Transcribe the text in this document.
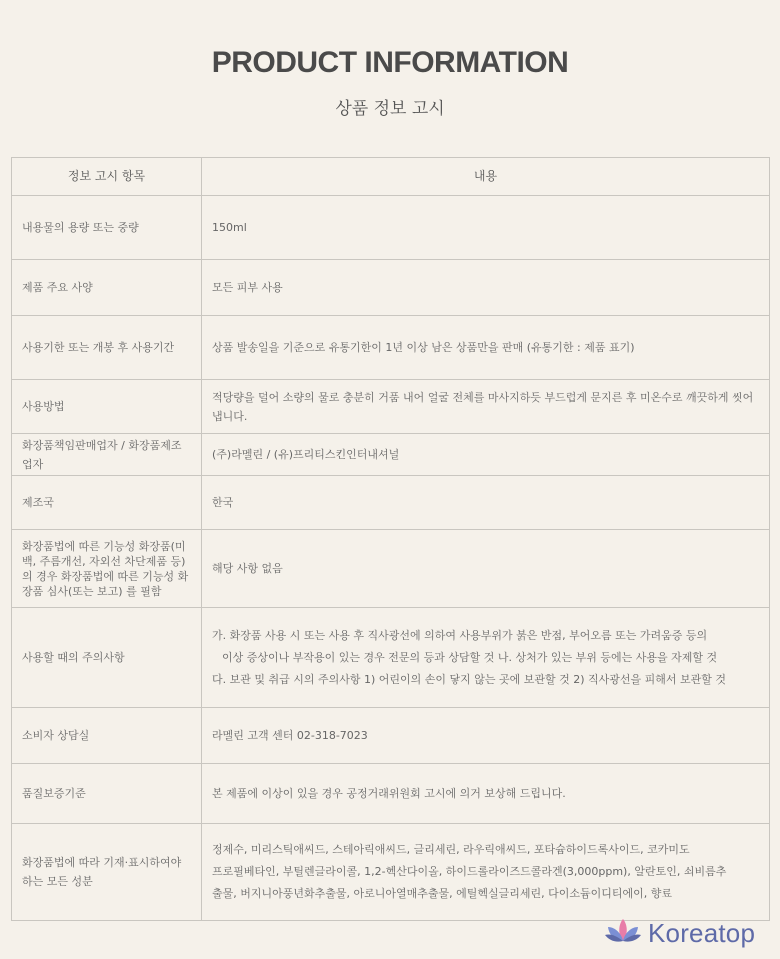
PRODUCT INFORMATION
상품 정보 고시
정보 고시 항목	내용
내용물의 용량 또는 중량	150ml
제품 주요 사양	모든 피부 사용
사용기한 또는 개봉 후 사용기간	상품 발송일을 기준으로 유통기한이 1년 이상 남은 상품만을 판매 (유통기한 : 제품 표기)
사용방법	적당량을 덜어 소량의 물로 충분히 거품 내어 얼굴 전체를 마사지하듯 부드럽게 문지른 후 미온수로 깨끗하게 씻어냅니다.
화장품책임판매업자 / 화장품제조업자	(주)라멜린 / (유)프리티스킨인터내셔널
제조국	한국
화장품법에 따른 기능성 화장품(미백, 주름개선, 자외선 차단제품 등)의 경우 화장품법에 따른 기능성 화장품 심사(또는 보고) 를 필함	해당 사항 없음
사용할 때의 주의사항	가. 화장품 사용 시 또는 사용 후 직사광선에 의하여 사용부위가 붉은 반점, 부어오름 또는 가려움증 등의
이상 증상이나 부작용이 있는 경우 전문의 등과 상담할 것 나. 상처가 있는 부위 등에는 사용을 자제할 것
다. 보관 및 취급 시의 주의사항 1) 어린이의 손이 닿지 않는 곳에 보관할 것 2) 직사광선을 피해서 보관할 것

소비자 상담실	라멜린 고객 센터 02-318-7023
품질보증기준	본 제품에 이상이 있을 경우 공정거래위원회 고시에 의거 보상해 드립니다.
화장품법에 따라 기재·표시하여야 하는 모든 성분	정제수, 미리스틱애씨드, 스테아릭애씨드, 글리세린, 라우릭애씨드, 포타슘하이드록사이드, 코카미도
프로필베타인, 부틸렌글라이콜, 1,2-헥산다이올, 하이드롤라이즈드콜라겐(3,000ppm), 알란토인, 쇠비름추
출물, 버지니아풍년화추출물, 아로니아열매추출물, 에틸헥실글리세린, 다이소듐이디티에이, 향료
Koreatop
